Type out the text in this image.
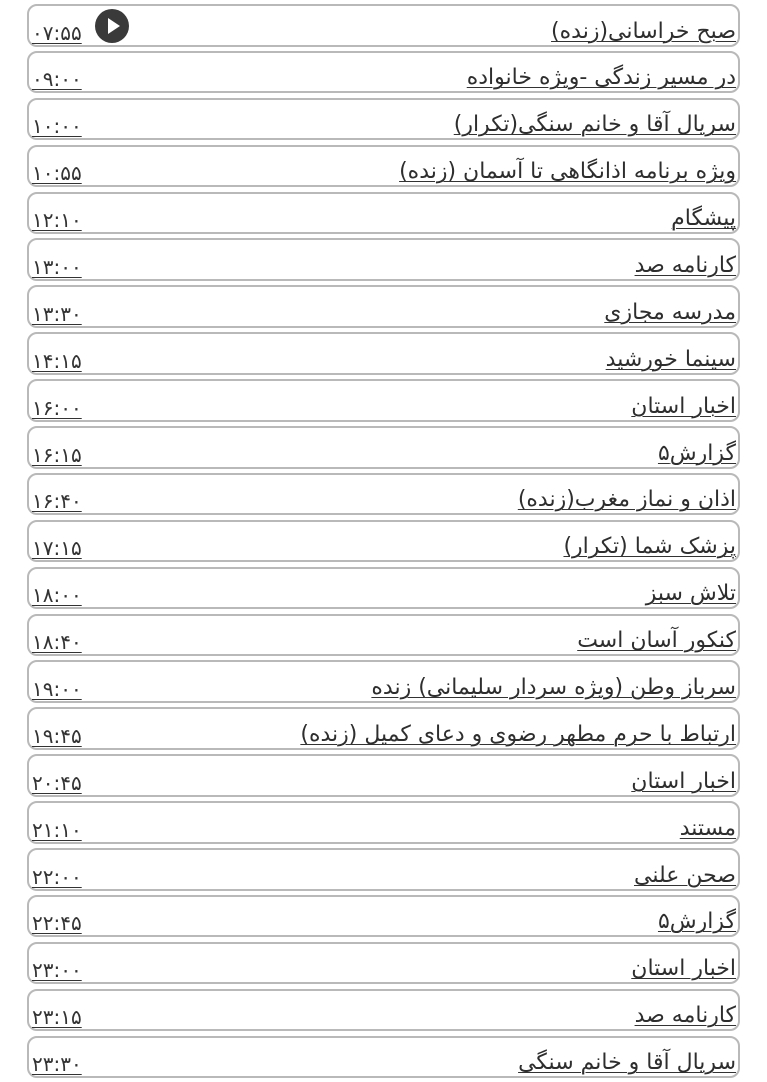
صبح خراسانی(زنده)
۰۷:۵۵
در مسیر زندگی -ویژه خانواده
۰۹:۰۰
سریال آقا و خانم سنگی(تکرار)
۱۰:۰۰
ویژه برنامه اذانگاهی تا آسمان (زنده)
۱۰:۵۵
پیشگام
۱۲:۱۰
کارنامه صد
۱۳:۰۰
مدرسه مجازی
۱۳:۳۰
سینما خورشید
۱۴:۱۵
اخبار استان
۱۶:۰۰
گزارش۵
۱۶:۱۵
اذان و نماز مغرب(زنده)
۱۶:۴۰
پزشک شما (تکرار)
۱۷:۱۵
تلاش سبز
۱۸:۰۰
کنکور آسان است
۱۸:۴۰
سرباز وطن (ویژه سردار سلیمانی) زنده
۱۹:۰۰
ارتباط با حرم مطهر رضوی و دعای کمیل (زنده)
۱۹:۴۵
اخبار استان
۲۰:۴۵
مستند
۲۱:۱۰
صحن علنی
۲۲:۰۰
گزارش۵
۲۲:۴۵
اخبار استان
۲۳:۰۰
کارنامه صد
۲۳:۱۵
سریال آقا و خانم سنگی
۲۳:۳۰
